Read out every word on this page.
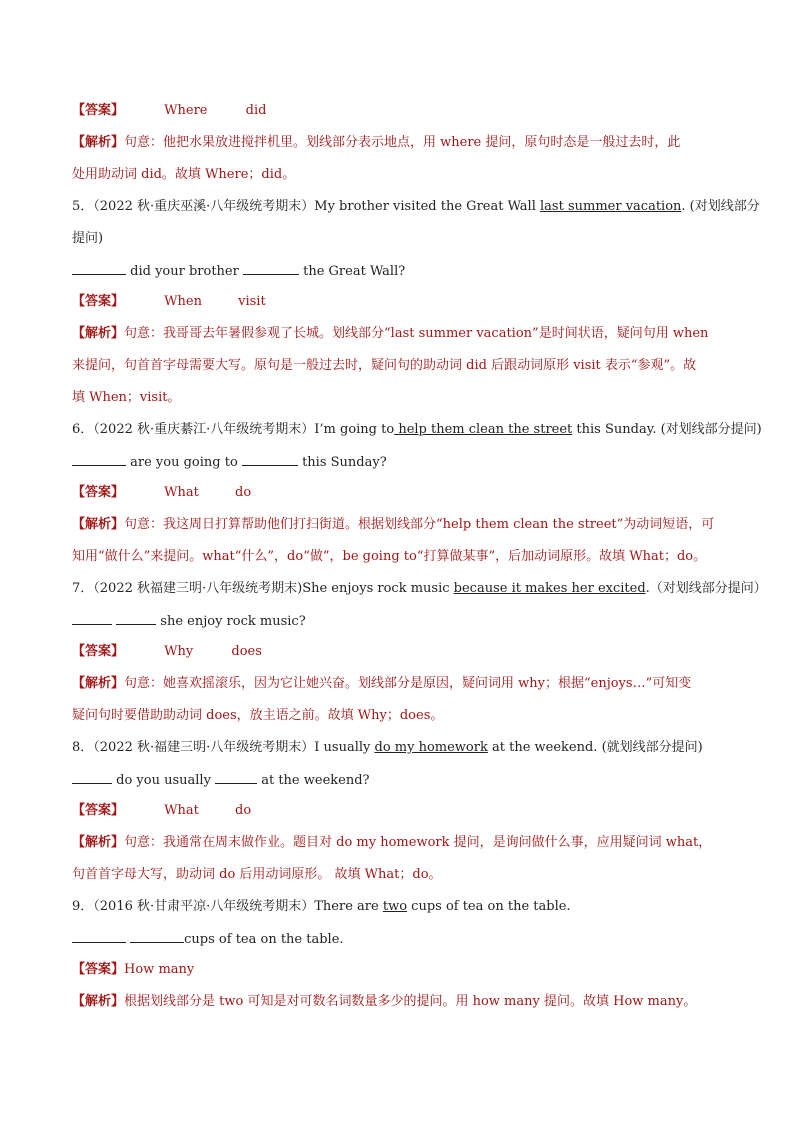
【答案】	Where	did
【解析】句意：他把水果放进搅拌机里。划线部分表示地点，用 where 提问，原句时态是一般过去时，此
处用助动词 did。故填 Where；did。
5．（2022 秋·重庆巫溪·八年级统考期末）My brother visited the Great Wall last summer vacation. (对划线部分
提问)
did your brother	the Great Wall?
【答案】	When	visit
【解析】句意：我哥哥去年暑假参观了长城。划线部分“last summer vacation”是时间状语，疑问句用 when
来提问，句首首字母需要大写。原句是一般过去时，疑问句的助动词 did 后跟动词原形 visit 表示“参观”。故
填 When；visit。
6．（2022 秋·重庆綦江·八年级统考期末）I’m going to help them clean the street this Sunday. (对划线部分提问)
are you going to	this Sunday?
【答案】	What	do
【解析】句意：我这周日打算帮助他们打扫街道。根据划线部分“help them clean the street”为动词短语，可
知用“做什么”来提问。what“什么”，do“做”，be going to“打算做某事”，后加动词原形。故填 What；do。
7．（2022 秋福建三明·八年级统考期末)She enjoys rock music because it makes her excited.（对划线部分提问）
she enjoy rock music?
【答案】	Why	does
【解析】句意：她喜欢摇滚乐，因为它让她兴奋。划线部分是原因，疑问词用 why；根据“enjoys…”可知变
疑问句时要借助助动词 does，放主语之前。故填 Why；does。
8．（2022 秋·福建三明·八年级统考期末）I usually do my homework at the weekend. (就划线部分提问)
do you usually	at the weekend?
【答案】	What	do
【解析】句意：我通常在周末做作业。题目对 do my homework 提问，是询问做什么事，应用疑问词 what，
句首首字母大写，助动词 do 后用动词原形。 故填 What；do。
9．（2016 秋·甘肃平凉·八年级统考期末）There are two cups of tea on the table.
cups of tea on the table.
【答案】How many
【解析】根据划线部分是 two 可知是对可数名词数量多少的提问。用 how many 提问。故填 How many。
